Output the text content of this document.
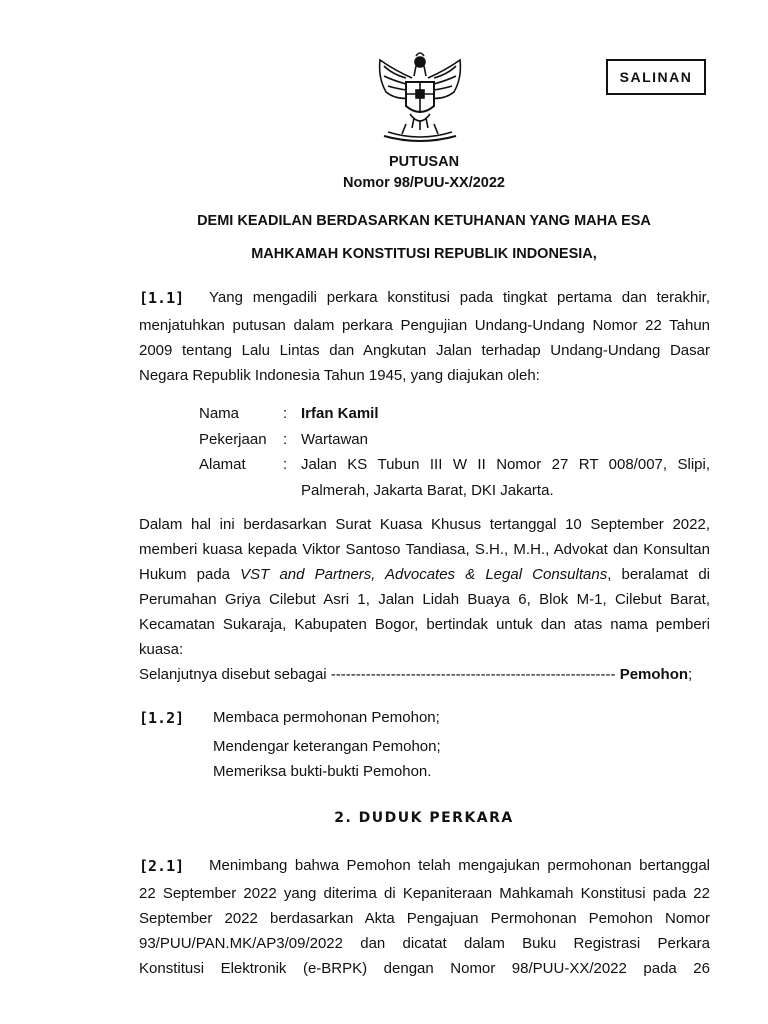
SALINAN
PUTUSAN
Nomor 98/PUU-XX/2022
DEMI KEADILAN BERDASARKAN KETUHANAN YANG MAHA ESA
MAHKAMAH KONSTITUSI REPUBLIK INDONESIA,
[1.1] Yang mengadili perkara konstitusi pada tingkat pertama dan terakhir,
menjatuhkan putusan dalam perkara Pengujian Undang-Undang Nomor 22 Tahun
2009 tentang Lalu Lintas dan Angkutan Jalan terhadap Undang-Undang Dasar
Negara Republik Indonesia Tahun 1945, yang diajukan oleh:
Nama	: Irfan Kamil
Pekerjaan : Wartawan
Alamat : Jalan KS Tubun III W II Nomor 27 RT 008/007, Slipi,
Palmerah, Jakarta Barat, DKI Jakarta.
Dalam hal ini berdasarkan Surat Kuasa Khusus tertanggal 10 September 2022,
memberi kuasa kepada Viktor Santoso Tandiasa, S.H., M.H., Advokat dan Konsultan
Hukum pada VST and Partners, Advocates & Legal Consultans, beralamat di
Perumahan Griya Cilebut Asri 1, Jalan Lidah Buaya 6, Blok M-1, Cilebut Barat,
Kecamatan Sukaraja, Kabupaten Bogor, bertindak untuk dan atas nama pemberi
kuasa:
Selanjutnya disebut sebagai --------------------------------------------------------- Pemohon;
[1.2] Membaca permohonan Pemohon;
Mendengar keterangan Pemohon;
Memeriksa bukti-bukti Pemohon.
2. DUDUK PERKARA
[2.1] Menimbang bahwa Pemohon telah mengajukan permohonan bertanggal
22 September 2022 yang diterima di Kepaniteraan Mahkamah Konstitusi pada 22
September 2022 berdasarkan Akta Pengajuan Permohonan Pemohon Nomor
93/PUU/PAN.MK/AP3/09/2022 dan dicatat dalam Buku Registrasi Perkara
Konstitusi Elektronik (e-BRPK) dengan Nomor 98/PUU-XX/2022 pada 26
